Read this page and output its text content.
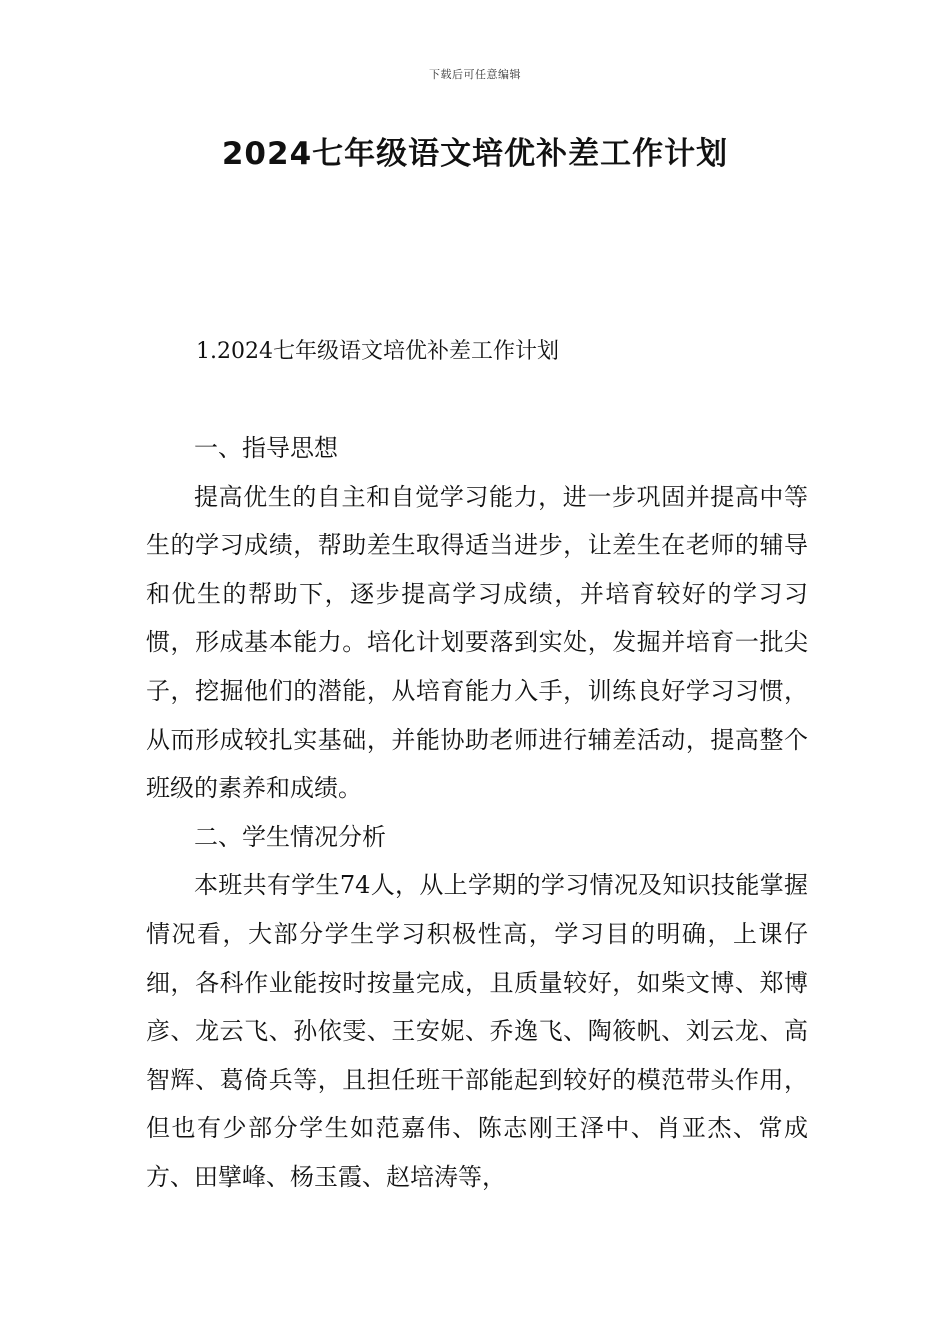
下载后可任意编辑
2024七年级语文培优补差工作计划
1.2024七年级语文培优补差工作计划

一、指导思想

提高优生的自主和自觉学习能力，进一步巩固并提高中等生的学习成绩，帮助差生取得适当进步，让差生在老师的辅导和优生的帮助下，逐步提高学习成绩，并培育较好的学习习惯，形成基本能力。培化计划要落到实处，发掘并培育一批尖子，挖掘他们的潜能，从培育能力入手，训练良好学习习惯，从而形成较扎实基础，并能协助老师进行辅差活动，提高整个班级的素养和成绩。

二、学生情况分析

本班共有学生74人，从上学期的学习情况及知识技能掌握情况看，大部分学生学习积极性高，学习目的明确，上课仔细，各科作业能按时按量完成，且质量较好，如柴文博、郑博彦、龙云飞、孙依雯、王安妮、乔逸飞、陶筱帆、刘云龙、高智辉、葛倚兵等，且担任班干部能起到较好的模范带头作用，但也有少部分学生如范嘉伟、陈志刚王泽中、肖亚杰、常成方、田擘峰、杨玉霞、赵培涛等，
